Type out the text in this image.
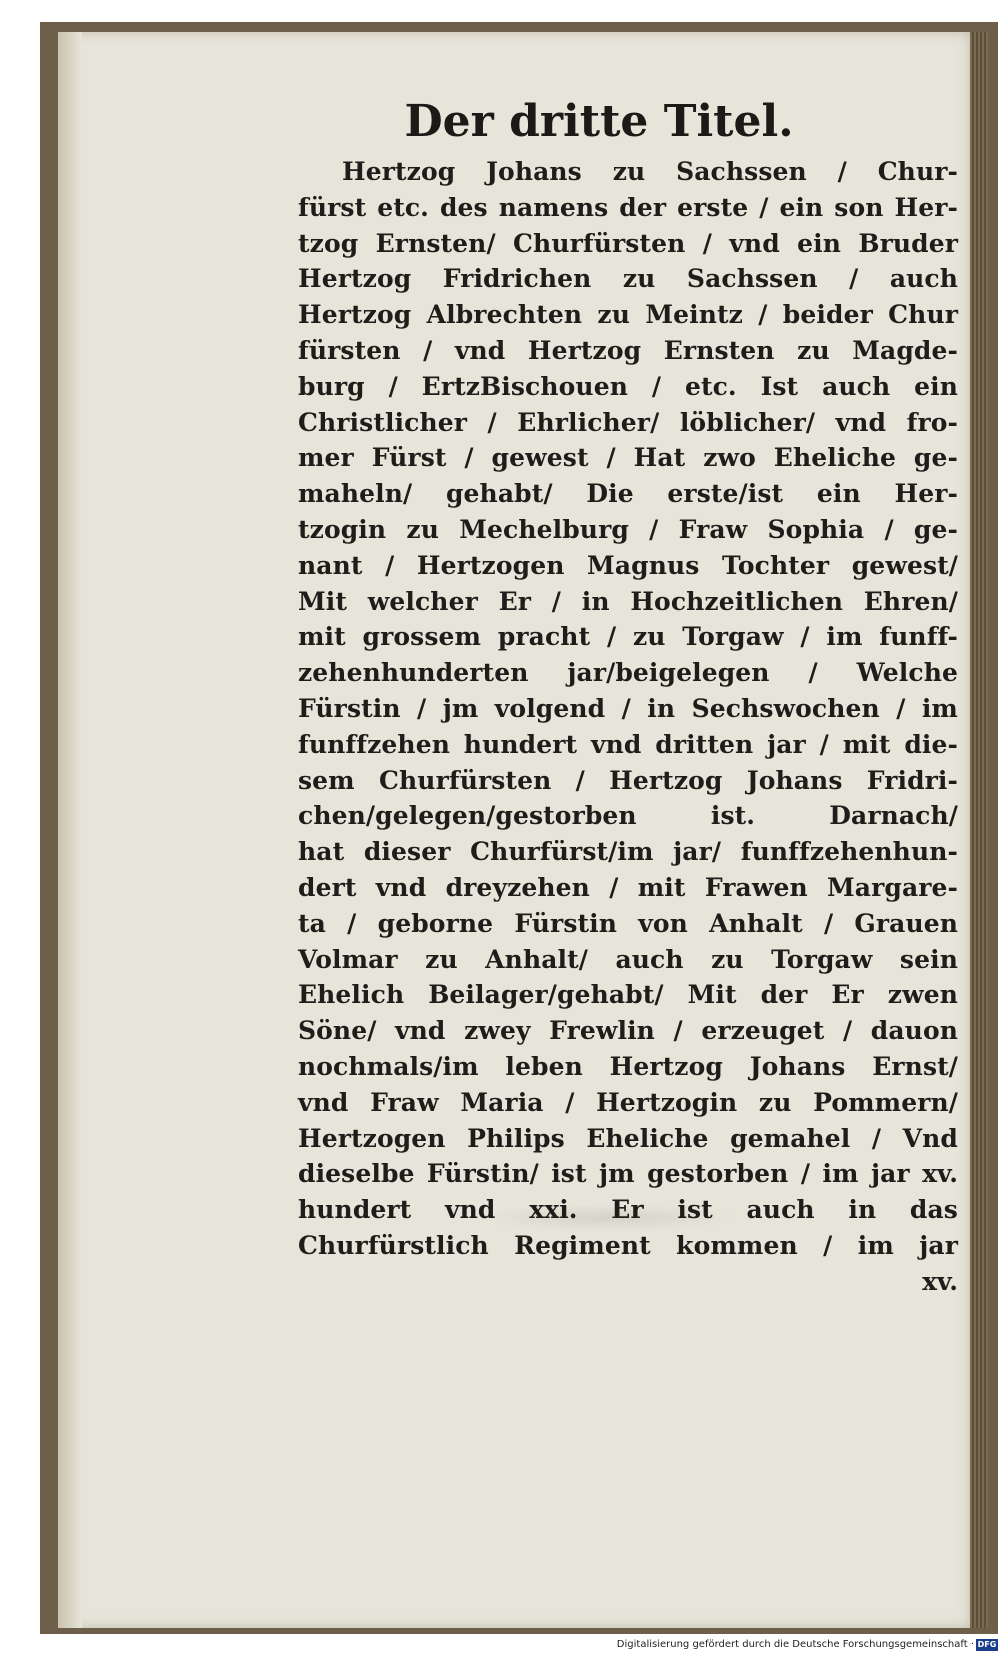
Der dritte Titel.
Hertzog Johans zu Sachssen / Chur-
fürst etc. des namens der erste / ein son Her-
tzog Ernsten/ Churfürsten / vnd ein Bruder
Hertzog Fridrichen zu Sachssen / auch
Hertzog Albrechten zu Meintz / beider Chur
fürsten / vnd Hertzog Ernsten zu Magde-
burg / ErtzBischouen / etc. Ist auch ein
Christlicher / Ehrlicher/ löblicher/ vnd fro-
mer Fürst / gewest / Hat zwo Eheliche ge-
maheln/ gehabt/ Die erste/ist ein Her-
tzogin zu Mechelburg / Fraw Sophia / ge-
nant / Hertzogen Magnus Tochter gewest/
Mit welcher Er / in Hochzeitlichen Ehren/
mit grossem pracht / zu Torgaw / im funff-
zehenhunderten jar/beigelegen / Welche
Fürstin / jm volgend / in Sechswochen / im
funffzehen hundert vnd dritten jar / mit die-
sem Churfürsten / Hertzog Johans Fridri-
chen/gelegen/gestorben ist. Darnach/
hat dieser Churfürst/im jar/ funffzehenhun-
dert vnd dreyzehen / mit Frawen Margare-
ta / geborne Fürstin von Anhalt / Grauen
Volmar zu Anhalt/ auch zu Torgaw sein
Ehelich Beilager/gehabt/ Mit der Er zwen
Söne/ vnd zwey Frewlin / erzeuget / dauon
nochmals/im leben Hertzog Johans Ernst/
vnd Fraw Maria / Hertzogin zu Pommern/
Hertzogen Philips Eheliche gemahel / Vnd
dieselbe Fürstin/ ist jm gestorben / im jar xv.
hundert vnd xxi. Er ist auch in das
Churfürstlich Regiment kommen / im jar
xv.
Digitalisierung gefördert durch die Deutsche Forschungsgemeinschaft · DFG
